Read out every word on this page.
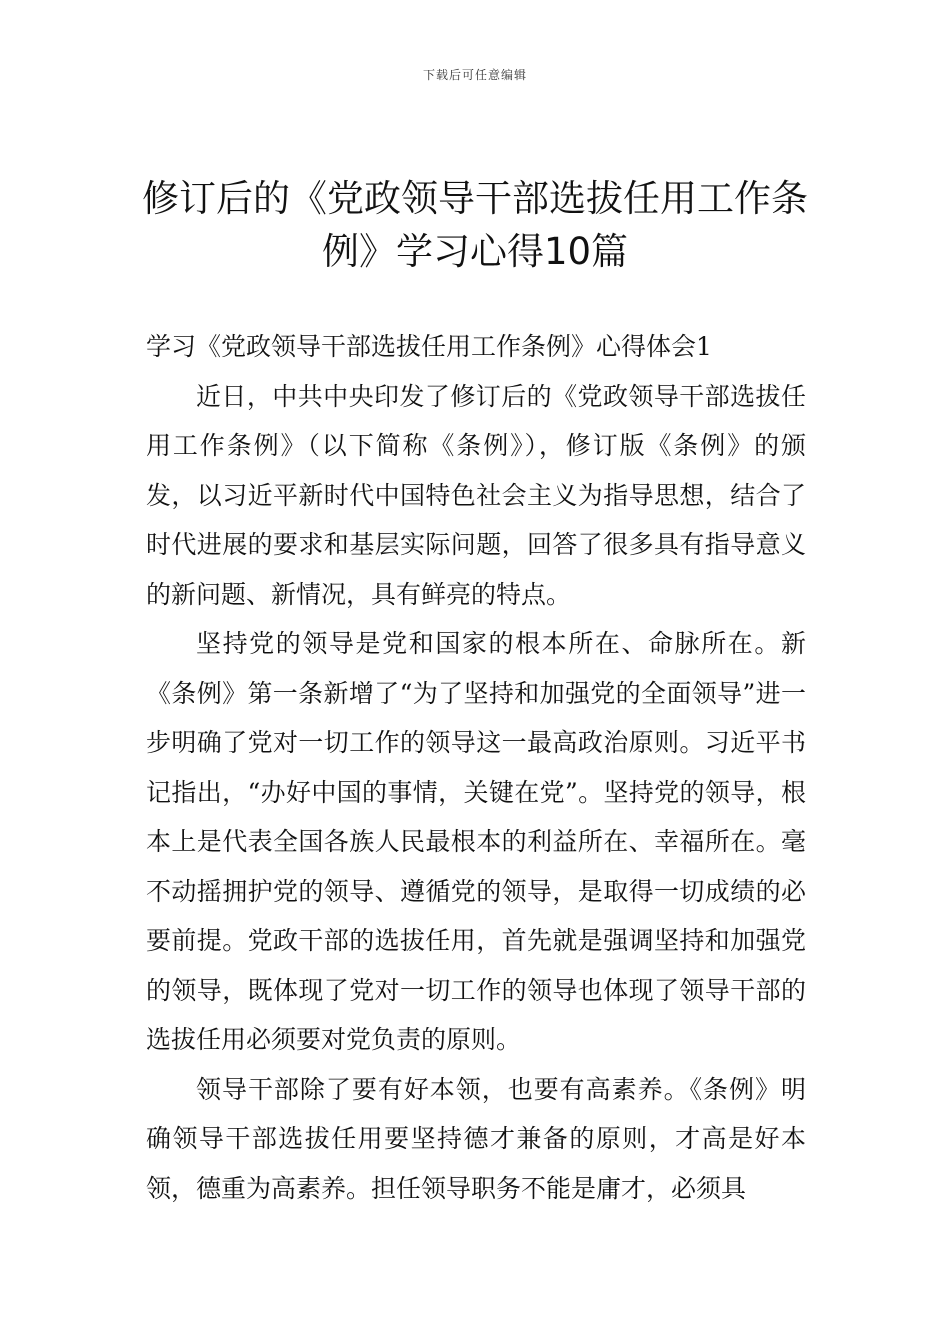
下载后可任意编辑
修订后的《党政领导干部选拔任用工作条例》学习心得10篇
学习《党政领导干部选拔任用工作条例》心得体会1

近日，中共中央印发了修订后的《党政领导干部选拔任用工作条例》（以下简称《条例》），修订版《条例》的颁发，以习近平新时代中国特色社会主义为指导思想，结合了时代进展的要求和基层实际问题，回答了很多具有指导意义的新问题、新情况，具有鲜亮的特点。

坚持党的领导是党和国家的根本所在、命脉所在。新《条例》第一条新增了“为了坚持和加强党的全面领导”进一步明确了党对一切工作的领导这一最高政治原则。习近平书记指出，“办好中国的事情，关键在党”。坚持党的领导，根本上是代表全国各族人民最根本的利益所在、幸福所在。毫不动摇拥护党的领导、遵循党的领导，是取得一切成绩的必要前提。党政干部的选拔任用，首先就是强调坚持和加强党的领导，既体现了党对一切工作的领导也体现了领导干部的选拔任用必须要对党负责的原则。

领导干部除了要有好本领，也要有高素养。《条例》明确领导干部选拔任用要坚持德才兼备的原则，才高是好本领，德重为高素养。担任领导职务不能是庸才，必须具
